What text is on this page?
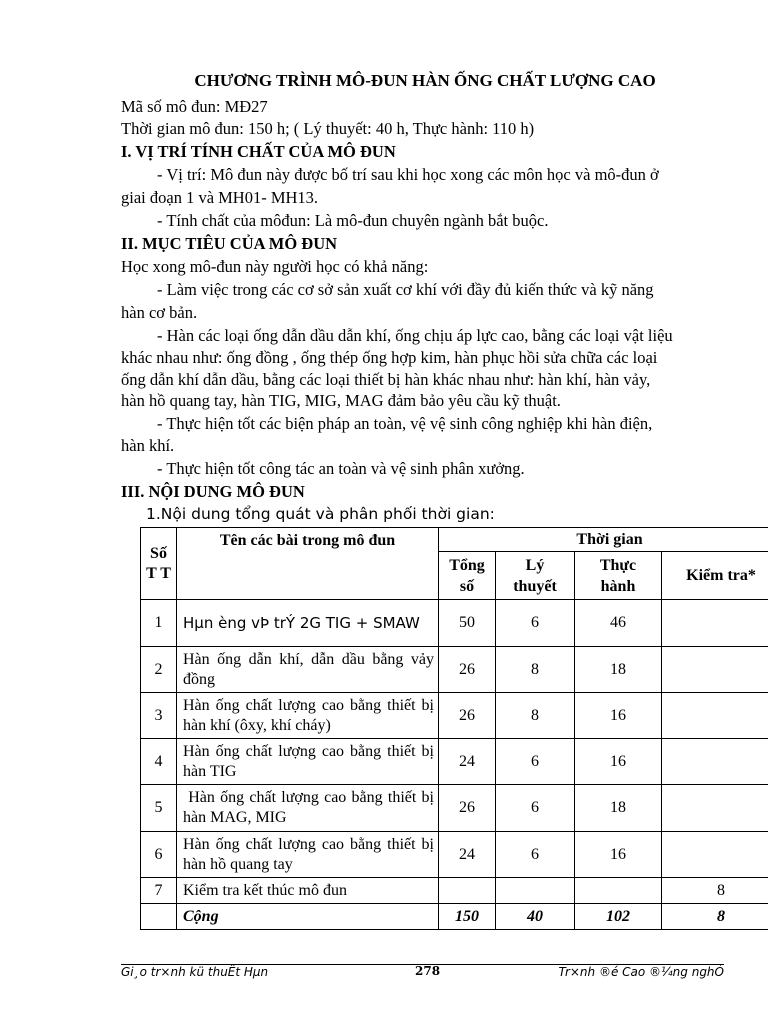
CHƯƠNG TRÌNH MÔ-ĐUN HÀN ỐNG CHẤT LƯỢNG CAO
Mã số mô đun: MĐ27
Thời gian mô đun: 150 h; ( Lý thuyết: 40 h, Thực hành: 110 h)
I. VỊ TRÍ TÍNH CHẤT CỦA MÔ ĐUN
- Vị trí: Mô đun này được bố trí sau khi học xong các môn học và mô-đun ở
giai đoạn 1 và MH01- MH13.
- Tính chất của môđun: Là mô-đun chuyên ngành bắt buộc.
II. MỤC TIÊU CỦA MÔ ĐUN
Học xong mô-đun này người học có khả năng:
- Làm việc trong các cơ sở sản xuất cơ khí với đầy đủ kiến thức và kỹ năng
hàn cơ bản.
- Hàn các loại ống dẫn dầu dẫn khí, ống chịu áp lực cao, bằng các loại vật liệu
khác nhau như: ống đồng , ống thép ống hợp kim, hàn phục hồi sửa chữa các loại
ống dẫn khí dẫn dầu, bằng các loại thiết bị hàn khác nhau như: hàn khí, hàn vảy,
hàn hồ quang tay, hàn TIG, MIG, MAG đảm bảo yêu cầu kỹ thuật.
- Thực hiện tốt các biện pháp an toàn, vệ vệ sinh công nghiệp khi hàn điện,
hàn khí.
- Thực hiện tốt công tác an toàn và vệ sinh phân xưởng.
III. NỘI DUNG MÔ ĐUN
1.Nội dung tổng quát và phân phối thời gian:
Số T T	Tên các bài trong mô đun	Thời gian			
		Tổng số	Lý thuyết	Thực hành	Kiểm tra*
1	Hµn èng vÞ trÝ 2G TIG + SMAW	50	6	46	
2	Hàn ống dẫn khí, dẫn dầu bằng vảy đồng	26	8	18	
3	Hàn ống chất lượng cao bằng thiết bị hàn khí (ôxy, khí cháy)	26	8	16	
4	Hàn ống chất lượng cao bằng thiết bị hàn TIG	24	6	16	
5	Hàn ống chất lượng cao bằng thiết bị hàn MAG, MIG	26	6	18	
6	Hàn ống chất lượng cao bằng thiết bị hàn hồ quang tay	24	6	16	
7	Kiểm tra kết thúc mô đun				8
	Cộng	150	40	102	8
Gi¸o tr×nh kü thuËt Hµn	278	Tr×nh ®é Cao ®¼ng nghÒ
